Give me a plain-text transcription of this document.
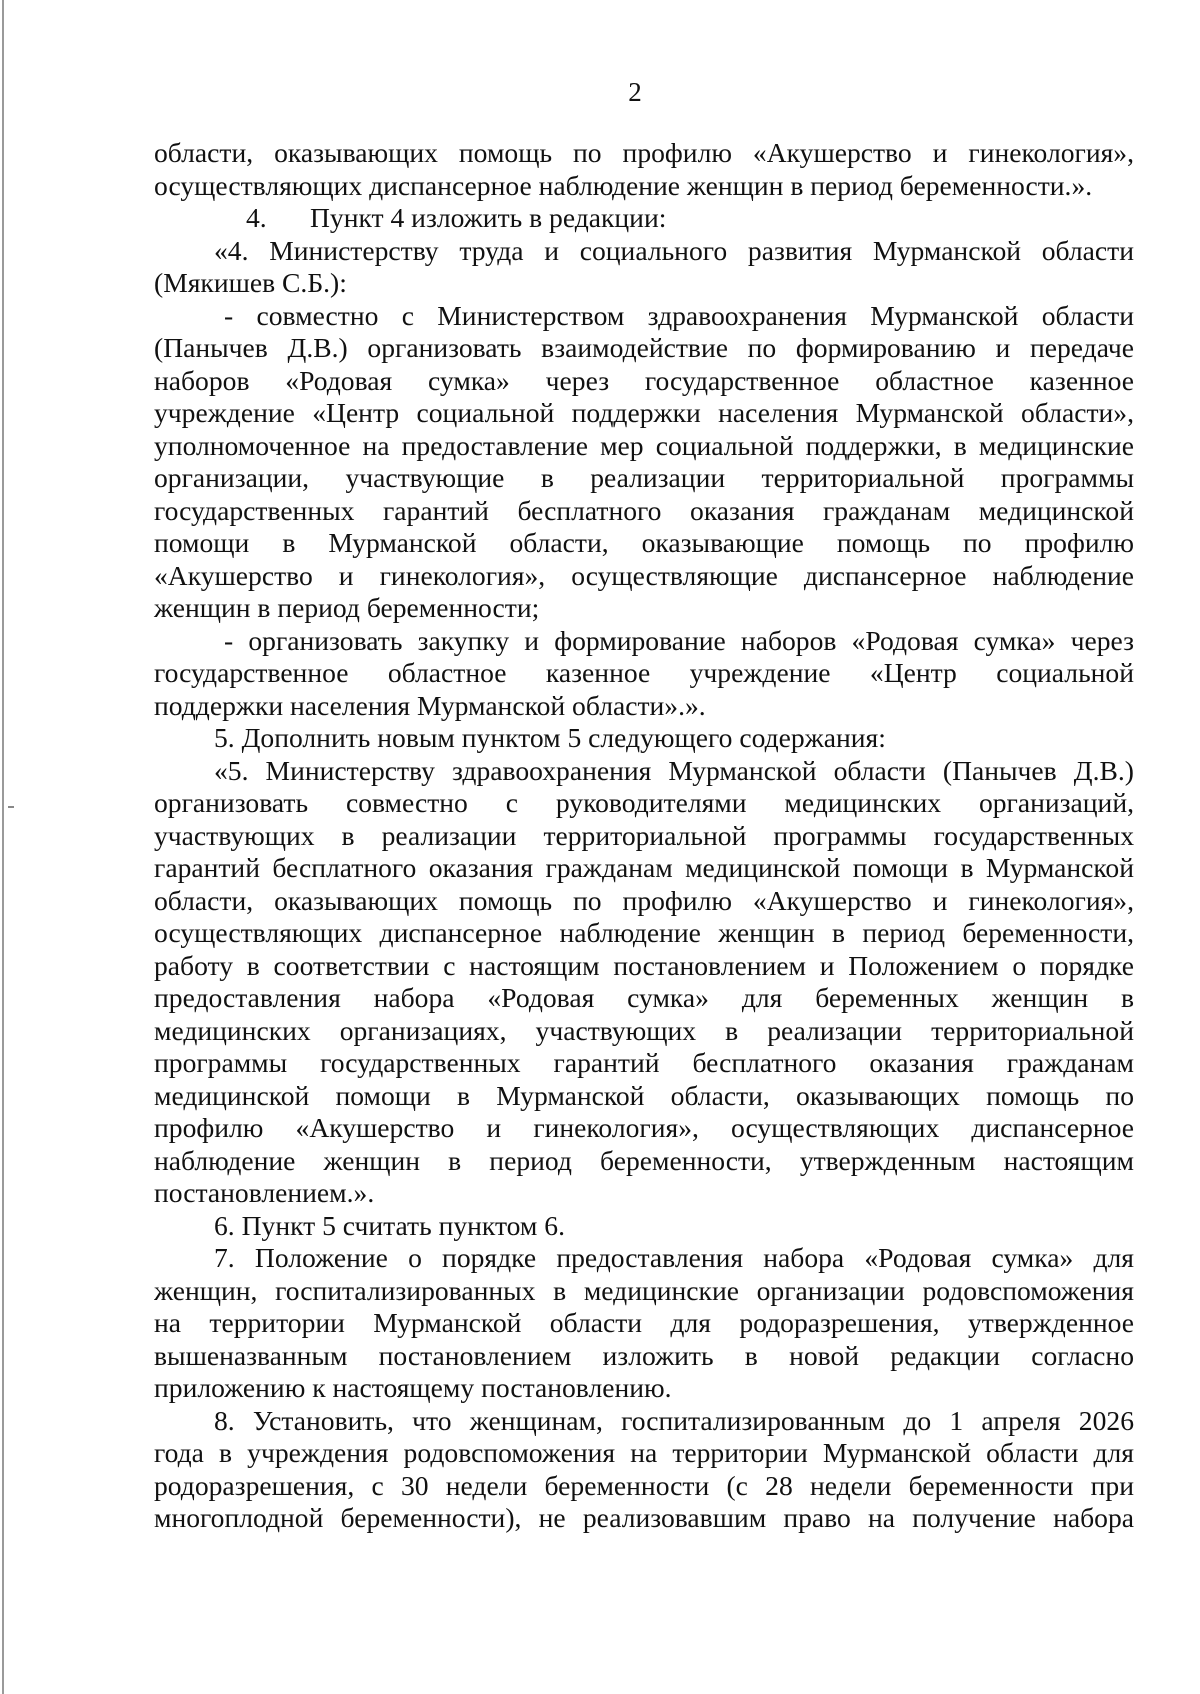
2
области, оказывающих помощь по профилю «Акушерство и гинекология»,
осуществляющих диспансерное наблюдение женщин в период беременности.».
4. Пункт 4 изложить в редакции:
«4. Министерству труда и социального развития Мурманской области
(Мякишев С.Б.):
- совместно с Министерством здравоохранения Мурманской области
(Панычев Д.В.) организовать взаимодействие по формированию и передаче
наборов «Родовая сумка» через государственное областное казенное
учреждение «Центр социальной поддержки населения Мурманской области»,
уполномоченное на предоставление мер социальной поддержки, в медицинские
организации, участвующие в реализации территориальной программы
государственных гарантий бесплатного оказания гражданам медицинской
помощи в Мурманской области, оказывающие помощь по профилю
«Акушерство и гинекология», осуществляющие диспансерное наблюдение
женщин в период беременности;
- организовать закупку и формирование наборов «Родовая сумка» через
государственное областное казенное учреждение «Центр социальной
поддержки населения Мурманской области».».
5. Дополнить новым пунктом 5 следующего содержания:
«5. Министерству здравоохранения Мурманской области (Панычев Д.В.)
организовать совместно с руководителями медицинских организаций,
участвующих в реализации территориальной программы государственных
гарантий бесплатного оказания гражданам медицинской помощи в Мурманской
области, оказывающих помощь по профилю «Акушерство и гинекология»,
осуществляющих диспансерное наблюдение женщин в период беременности,
работу в соответствии с настоящим постановлением и Положением о порядке
предоставления набора «Родовая сумка» для беременных женщин в
медицинских организациях, участвующих в реализации территориальной
программы государственных гарантий бесплатного оказания гражданам
медицинской помощи в Мурманской области, оказывающих помощь по
профилю «Акушерство и гинекология», осуществляющих диспансерное
наблюдение женщин в период беременности, утвержденным настоящим
постановлением.».
6. Пункт 5 считать пунктом 6.
7. Положение о порядке предоставления набора «Родовая сумка» для
женщин, госпитализированных в медицинские организации родовспоможения
на территории Мурманской области для родоразрешения, утвержденное
вышеназванным постановлением изложить в новой редакции согласно
приложению к настоящему постановлению.
8. Установить, что женщинам, госпитализированным до 1 апреля 2026
года в учреждения родовспоможения на территории Мурманской области для
родоразрешения, с 30 недели беременности (с 28 недели беременности при
многоплодной беременности), не реализовавшим право на получение набора
